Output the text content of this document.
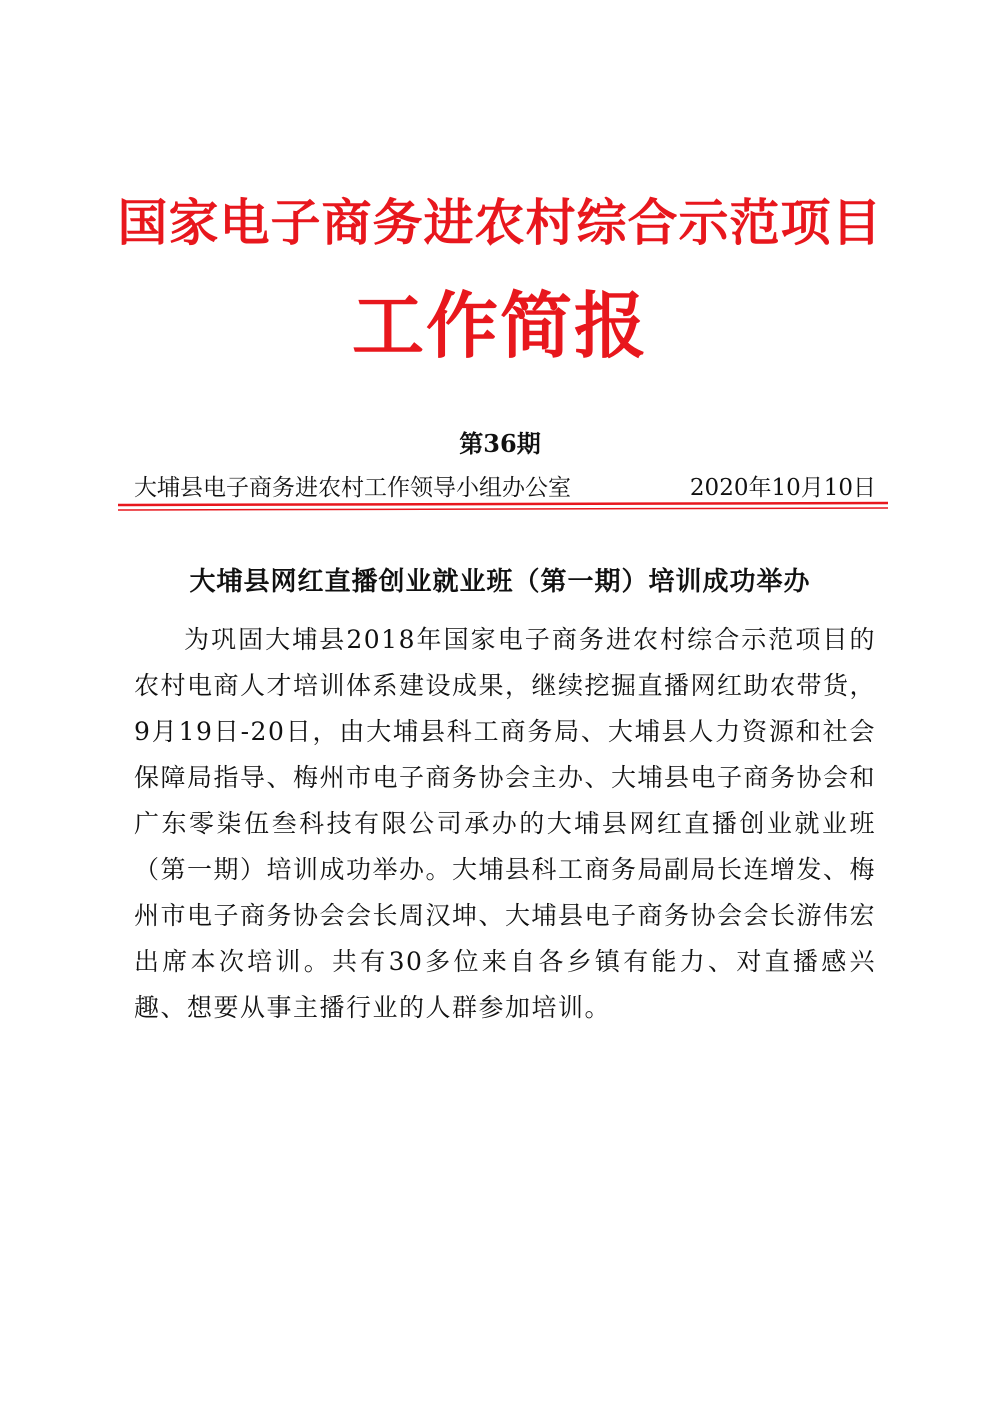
国家电子商务进农村综合示范项目
工作简报
第36期
大埔县电子商务进农村工作领导小组办公室	2020年10月10日
大埔县网红直播创业就业班（第一期）培训成功举办

为巩固大埔县2018年国家电子商务进农村综合示范项目的农村电商人才培训体系建设成果，继续挖掘直播网红助农带货，9月19日-20日，由大埔县科工商务局、大埔县人力资源和社会保障局指导、梅州市电子商务协会主办、大埔县电子商务协会和广东零柒伍叁科技有限公司承办的大埔县网红直播创业就业班（第一期）培训成功举办。大埔县科工商务局副局长连增发、梅州市电子商务协会会长周汉坤、大埔县电子商务协会会长游伟宏出席本次培训。共有30多位来自各乡镇有能力、对直播感兴趣、想要从事主播行业的人群参加培训。
